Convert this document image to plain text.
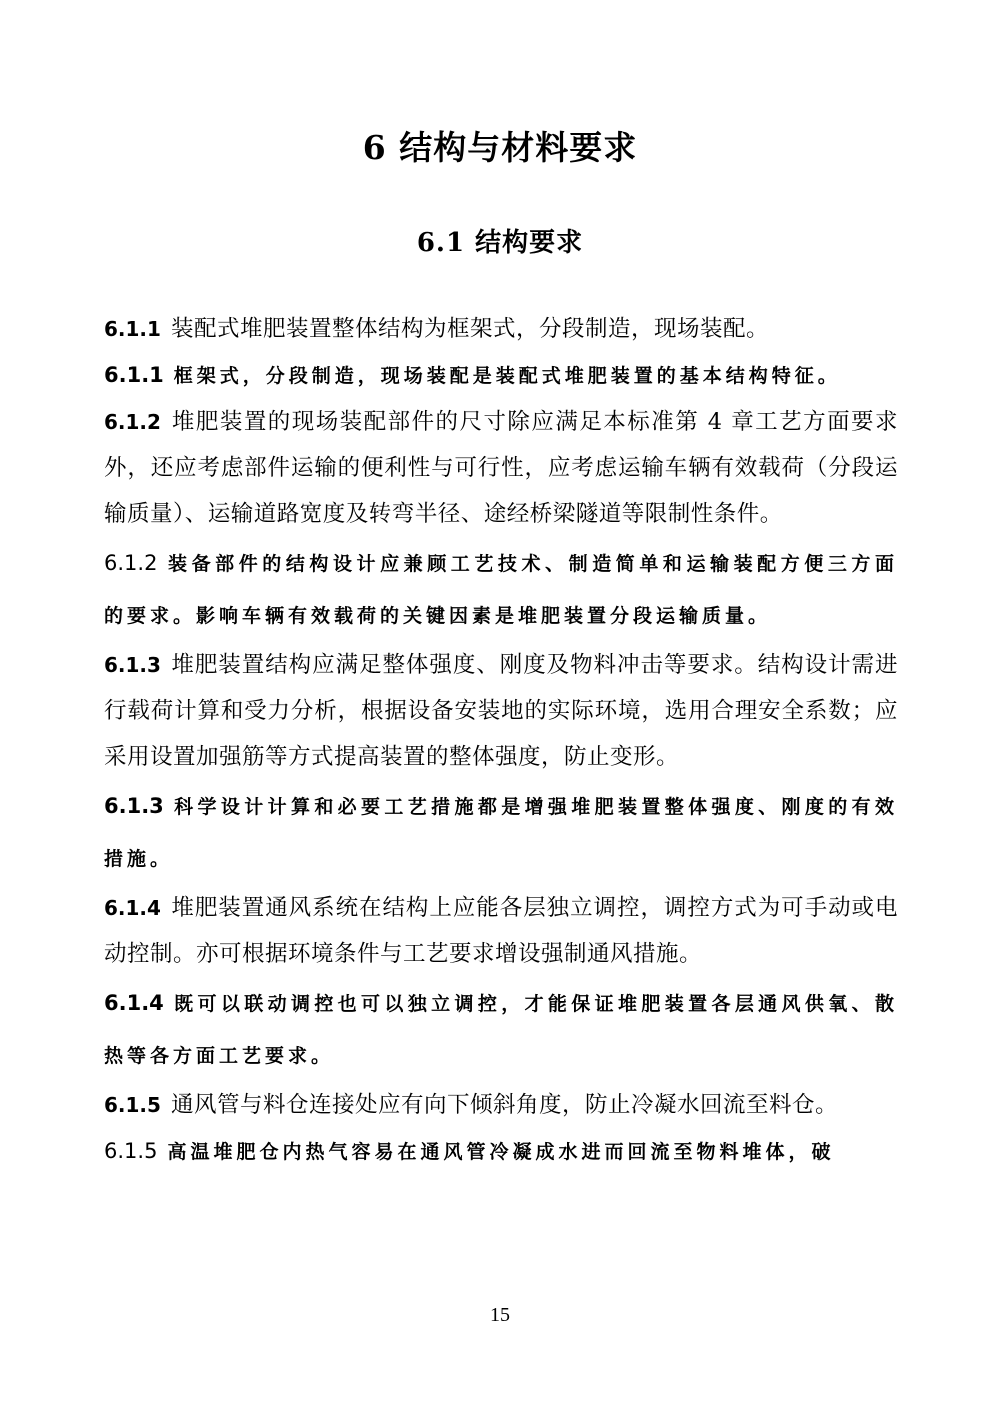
6 结构与材料要求
6.1 结构要求

6.1.1 装配式堆肥装置整体结构为框架式，分段制造，现场装配。

6.1.1 框架式，分段制造，现场装配是装配式堆肥装置的基本结构特征。

6.1.2 堆肥装置的现场装配部件的尺寸除应满足本标准第 4 章工艺方面要求外，还应考虑部件运输的便利性与可行性，应考虑运输车辆有效载荷（分段运输质量）、运输道路宽度及转弯半径、途经桥梁隧道等限制性条件。

6.1.2 装备部件的结构设计应兼顾工艺技术、制造简单和运输装配方便三方面的要求。影响车辆有效载荷的关键因素是堆肥装置分段运输质量。

6.1.3 堆肥装置结构应满足整体强度、刚度及物料冲击等要求。结构设计需进行载荷计算和受力分析，根据设备安装地的实际环境，选用合理安全系数；应采用设置加强筋等方式提高装置的整体强度，防止变形。

6.1.3 科学设计计算和必要工艺措施都是增强堆肥装置整体强度、刚度的有效措施。

6.1.4 堆肥装置通风系统在结构上应能各层独立调控，调控方式为可手动或电动控制。亦可根据环境条件与工艺要求增设强制通风措施。

6.1.4 既可以联动调控也可以独立调控，才能保证堆肥装置各层通风供氧、散热等各方面工艺要求。

6.1.5 通风管与料仓连接处应有向下倾斜角度，防止冷凝水回流至料仓。

6.1.5 高温堆肥仓内热气容易在通风管冷凝成水进而回流至物料堆体，破

15
